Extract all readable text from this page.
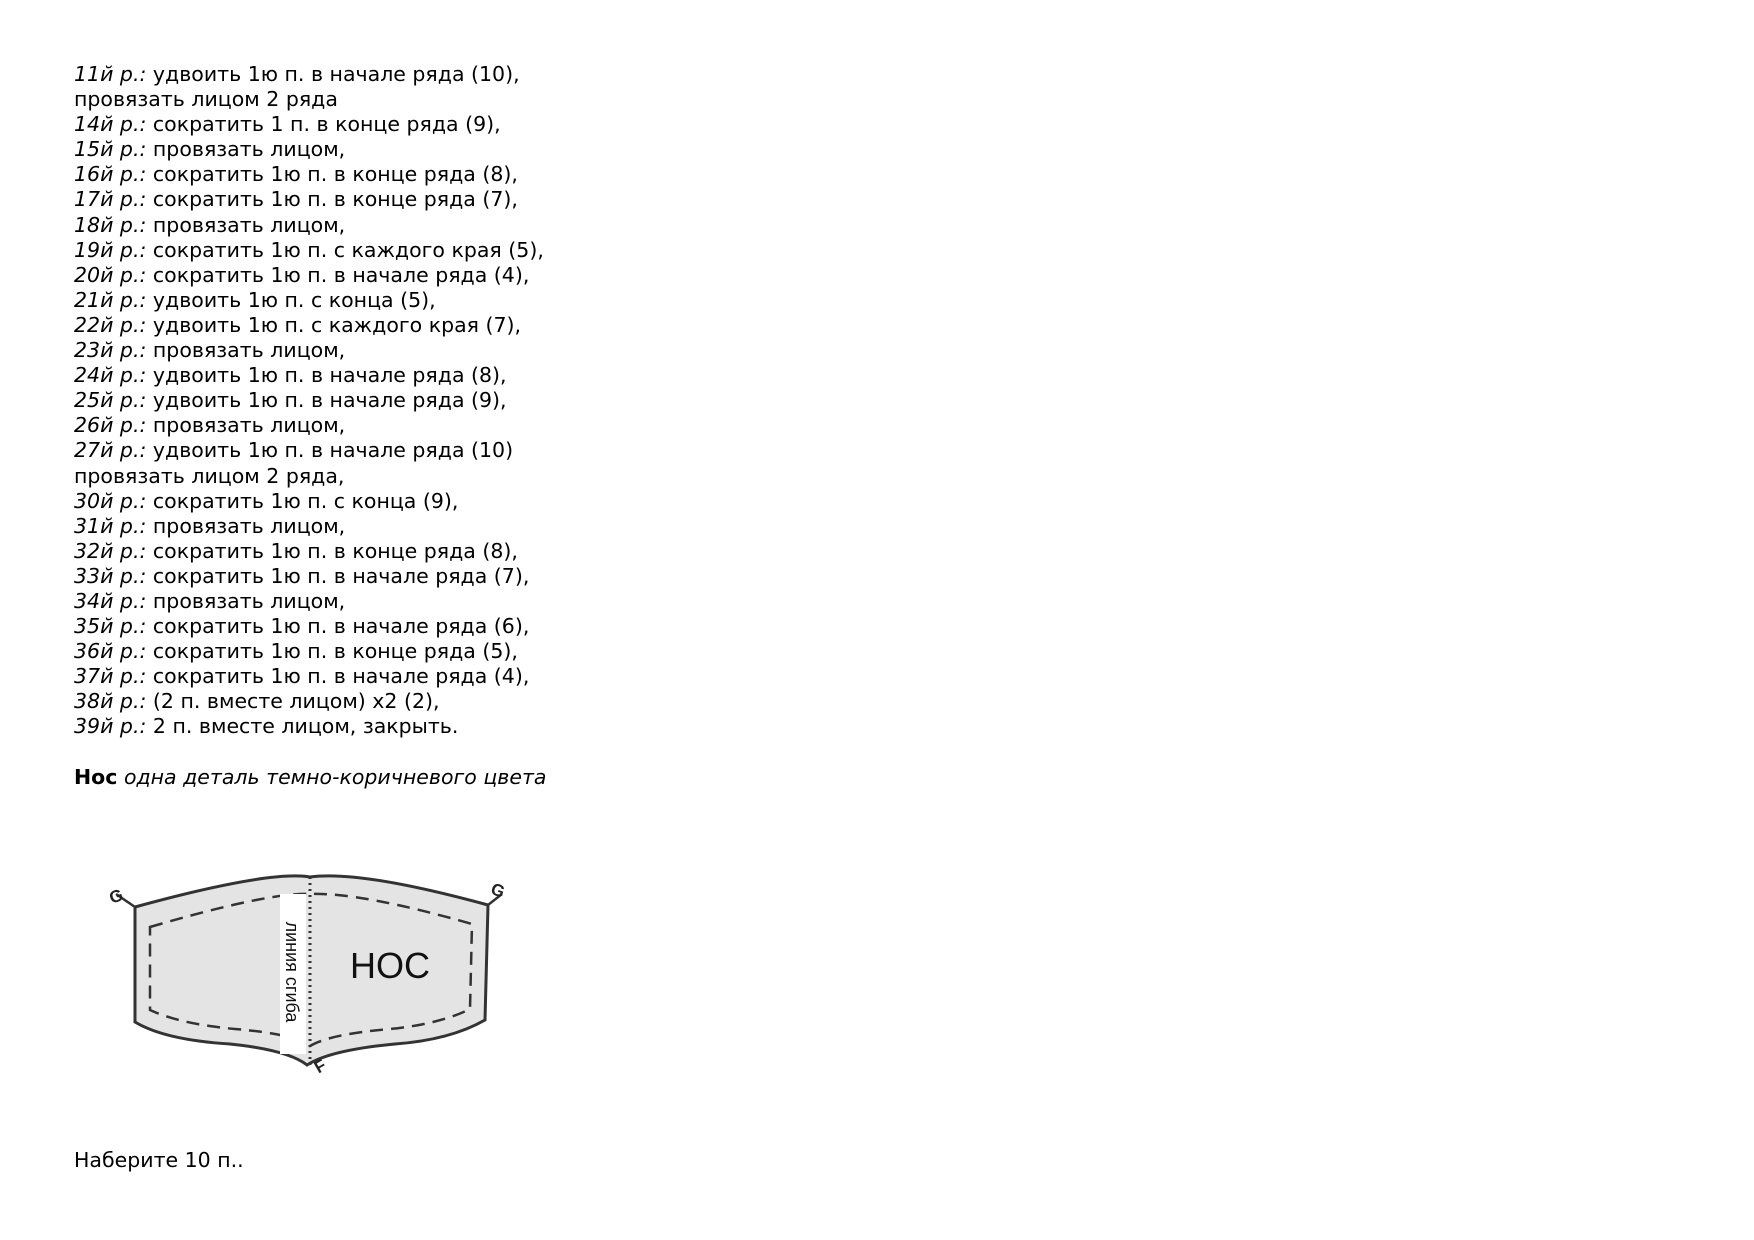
11й р.: удвоить 1ю п. в начале ряда (10),
провязать лицом 2 ряда
14й р.: сократить 1 п. в конце ряда (9),
15й р.: провязать лицом,
16й р.: сократить 1ю п. в конце ряда (8),
17й р.: сократить 1ю п. в конце ряда (7),
18й р.: провязать лицом,
19й р.: сократить 1ю п. с каждого края (5),
20й р.: сократить 1ю п. в начале ряда (4),
21й р.: удвоить 1ю п. с конца (5),
22й р.: удвоить 1ю п. с каждого края (7),
23й р.: провязать лицом,
24й р.: удвоить 1ю п. в начале ряда (8),
25й р.: удвоить 1ю п. в начале ряда (9),
26й р.: провязать лицом,
27й р.: удвоить 1ю п. в начале ряда (10)
провязать лицом 2 ряда,
30й р.: сократить 1ю п. с конца (9),
31й р.: провязать лицом,
32й р.: сократить 1ю п. в конце ряда (8),
33й р.: сократить 1ю п. в начале ряда (7),
34й р.: провязать лицом,
35й р.: сократить 1ю п. в начале ряда (6),
36й р.: сократить 1ю п. в конце ряда (5),
37й р.: сократить 1ю п. в начале ряда (4),
38й р.: (2 п. вместе лицом) х2 (2),
39й р.: 2 п. вместе лицом, закрыть.
Нос одна деталь темно-коричневого цвета
линия сгиба НОС
G	G
F
Наберите 10 п..
